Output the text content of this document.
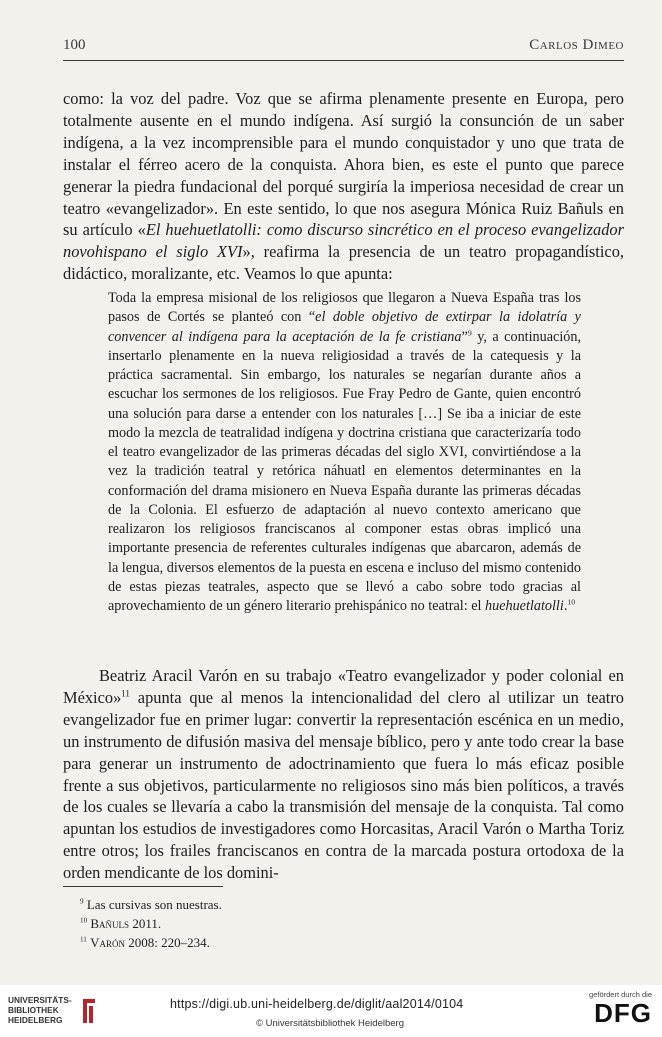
100	Carlos Dimeo

como: la voz del padre. Voz que se afirma plenamente presente en Europa, pero totalmente ausente en el mundo indígena. Así surgió la consunción de un saber indígena, a la vez incomprensible para el mundo conquistador y uno que trata de instalar el férreo acero de la conquista. Ahora bien, es este el punto que parece generar la piedra fundacional del porqué surgiría la imperiosa necesidad de crear un teatro «evangelizador». En este sentido, lo que nos asegura Mónica Ruiz Bañuls en su artículo «El huehuetlatolli: como discurso sincrético en el proceso evangelizador novohispano el siglo XVI», reafirma la presencia de un teatro propagandístico, didáctico, moralizante, etc. Veamos lo que apunta:

Toda la empresa misional de los religiosos que llegaron a Nueva España tras los pasos de Cortés se planteó con “el doble objetivo de extirpar la idolatría y convencer al indígena para la aceptación de la fe cristiana”$^9$ y, a continuación, insertarlo plenamente en la nueva religiosidad a través de la catequesis y la práctica sacramental. Sin embargo, los naturales se negarían durante años a escuchar los sermones de los religiosos. Fue Fray Pedro de Gante, quien encontró una solución para darse a entender con los naturales […] Se iba a iniciar de este modo la mezcla de teatralidad indígena y doctrina cristiana que caracterizaría todo el teatro evangelizador de las primeras décadas del siglo XVI, convirtiéndose a la vez la tradición teatral y retórica náhuatl en elementos determinantes en la conformación del drama misionero en Nueva España durante las primeras décadas de la Colonia. El esfuerzo de adaptación al nuevo contexto americano que realizaron los religiosos franciscanos al componer estas obras implicó una importante presencia de referentes culturales indígenas que abarcaron, además de la lengua, diversos elementos de la puesta en escena e incluso del mismo contenido de estas piezas teatrales, aspecto que se llevó a cabo sobre todo gracias al aprovechamiento de un género literario prehispánico no teatral: el huehuetlatolli.$^{10}$

Beatriz Aracil Varón en su trabajo «Teatro evangelizador y poder colonial en México»$^{11}$ apunta que al menos la intencionalidad del clero al utilizar un teatro evangelizador fue en primer lugar: convertir la representación escénica en un medio, un instrumento de difusión masiva del mensaje bíblico, pero y ante todo crear la base para generar un instrumento de adoctrinamiento que fuera lo más eficaz posible frente a sus objetivos, particularmente no religiosos sino más bien políticos, a través de los cuales se llevaría a cabo la transmisión del mensaje de la conquista. Tal como apuntan los estudios de investigadores como Horcasitas, Aracil Varón o Martha Toriz entre otros; los frailes franciscanos en contra de la marcada postura ortodoxa de la orden mendicante de los domini-

$^9$ Las cursivas son nuestras.
$^{10}$ Bañuls 2011.
$^{11}$ Varón 2008: 220–234.
UNIVERSITÄTS-
BIBLIOTHEK
HEIDELBERG
https://digi.ub.uni-heidelberg.de/diglit/aal2014/0104
© Universitätsbibliothek Heidelberg
gefördert durch die
DFG
